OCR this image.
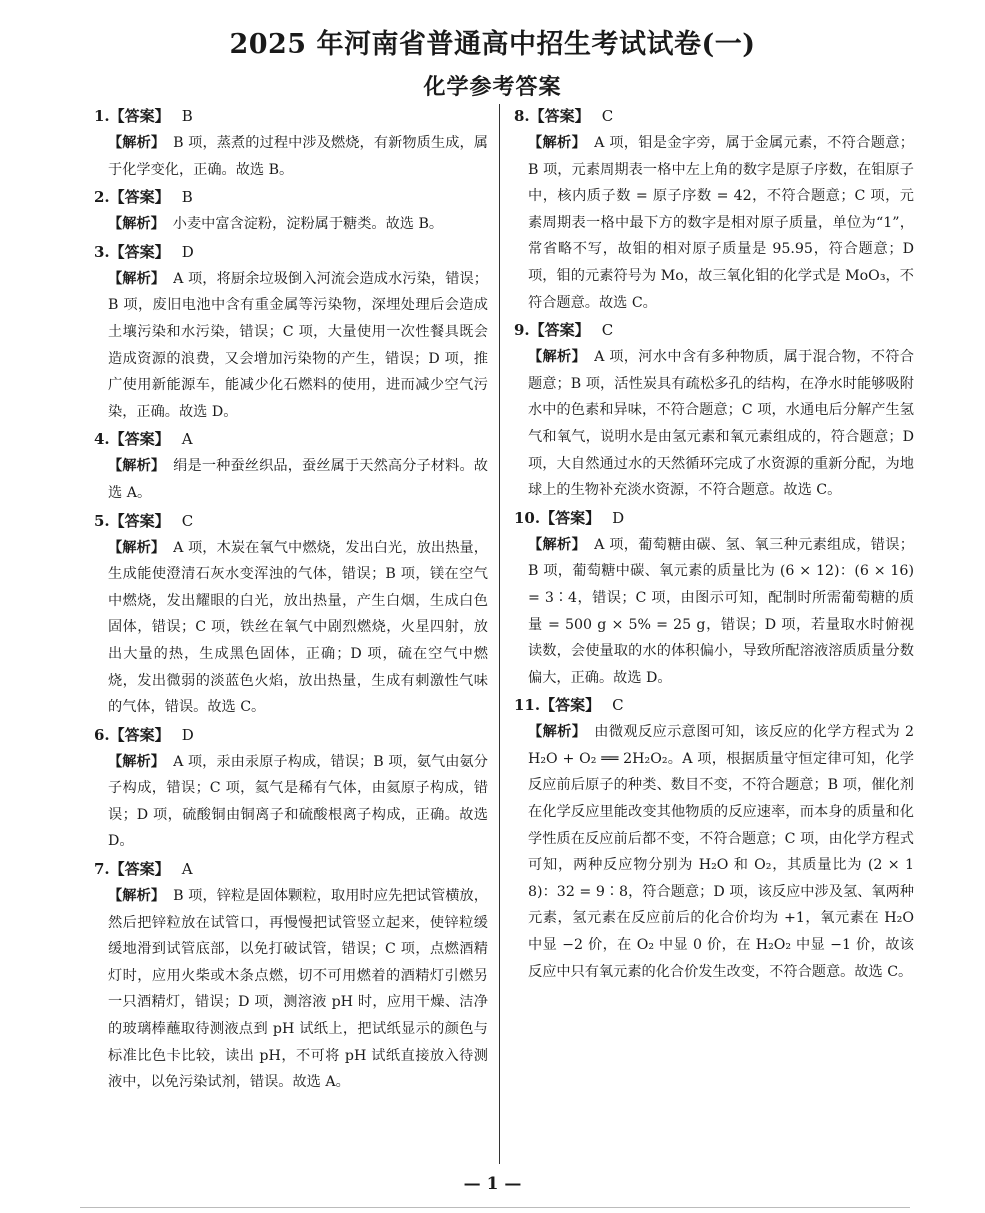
2025 年河南省普通高中招生考试试卷(一)
化学参考答案
1.【答案】 B
【解析】 B 项，蒸煮的过程中涉及燃烧，有新物质生成，属于化学变化，正确。故选 B。
2.【答案】 B
【解析】 小麦中富含淀粉，淀粉属于糖类。故选 B。
3.【答案】 D
【解析】 A 项，将厨余垃圾倒入河流会造成水污染，错误；B 项，废旧电池中含有重金属等污染物，深埋处理后会造成土壤污染和水污染，错误；C 项，大量使用一次性餐具既会造成资源的浪费，又会增加污染物的产生，错误；D 项，推广使用新能源车，能减少化石燃料的使用，进而减少空气污染，正确。故选 D。
4.【答案】 A
【解析】 绢是一种蚕丝织品，蚕丝属于天然高分子材料。故选 A。
5.【答案】 C
【解析】 A 项，木炭在氧气中燃烧，发出白光，放出热量，生成能使澄清石灰水变浑浊的气体，错误；B 项，镁在空气中燃烧，发出耀眼的白光，放出热量，产生白烟，生成白色固体，错误；C 项，铁丝在氧气中剧烈燃烧，火星四射，放出大量的热，生成黑色固体，正确；D 项，硫在空气中燃烧，发出微弱的淡蓝色火焰，放出热量，生成有刺激性气味的气体，错误。故选 C。
6.【答案】 D
【解析】 A 项，汞由汞原子构成，错误；B 项，氨气由氨分子构成，错误；C 项，氦气是稀有气体，由氦原子构成，错误；D 项，硫酸铜由铜离子和硫酸根离子构成，正确。故选 D。
7.【答案】 A
【解析】 B 项，锌粒是固体颗粒，取用时应先把试管横放，然后把锌粒放在试管口，再慢慢把试管竖立起来，使锌粒缓缓地滑到试管底部，以免打破试管，错误；C 项，点燃酒精灯时，应用火柴或木条点燃，切不可用燃着的酒精灯引燃另一只酒精灯，错误；D 项，测溶液 pH 时，应用干燥、洁净的玻璃棒蘸取待测液点到 pH 试纸上，把试纸显示的颜色与标准比色卡比较，读出 pH，不可将 pH 试纸直接放入待测液中，以免污染试剂，错误。故选 A。
8.【答案】 C
【解析】 A 项，钼是金字旁，属于金属元素，不符合题意；B 项，元素周期表一格中左上角的数字是原子序数，在钼原子中，核内质子数 = 原子序数 = 42，不符合题意；C 项，元素周期表一格中最下方的数字是相对原子质量，单位为“1”，常省略不写，故钼的相对原子质量是 95.95，符合题意；D 项，钼的元素符号为 Mo，故三氧化钼的化学式是 MoO₃，不符合题意。故选 C。
9.【答案】 C
【解析】 A 项，河水中含有多种物质，属于混合物，不符合题意；B 项，活性炭具有疏松多孔的结构，在净水时能够吸附水中的色素和异味，不符合题意；C 项，水通电后分解产生氢气和氧气，说明水是由氢元素和氧元素组成的，符合题意；D 项，大自然通过水的天然循环完成了水资源的重新分配，为地球上的生物补充淡水资源，不符合题意。故选 C。
10.【答案】 D
【解析】 A 项，葡萄糖由碳、氢、氧三种元素组成，错误；B 项，葡萄糖中碳、氧元素的质量比为 (6 × 12)：(6 × 16) = 3∶4，错误；C 项，由图示可知，配制时所需葡萄糖的质量 = 500 g × 5% = 25 g，错误；D 项，若量取水时俯视读数，会使量取的水的体积偏小，导致所配溶液溶质质量分数偏大，正确。故选 D。
11.【答案】 C
【解析】 由微观反应示意图可知，该反应的化学方程式为 2H₂O + O₂ ══ 2H₂O₂。A 项，根据质量守恒定律可知，化学反应前后原子的种类、数目不变，不符合题意；B 项，催化剂在化学反应里能改变其他物质的反应速率，而本身的质量和化学性质在反应前后都不变，不符合题意；C 项，由化学方程式可知，两种反应物分别为 H₂O 和 O₂，其质量比为 (2 × 18)：32 = 9∶8，符合题意；D 项，该反应中涉及氢、氧两种元素，氢元素在反应前后的化合价均为 +1，氧元素在 H₂O 中显 −2 价，在 O₂ 中显 0 价，在 H₂O₂ 中显 −1 价，故该反应中只有氧元素的化合价发生改变，不符合题意。故选 C。
— 1 —
